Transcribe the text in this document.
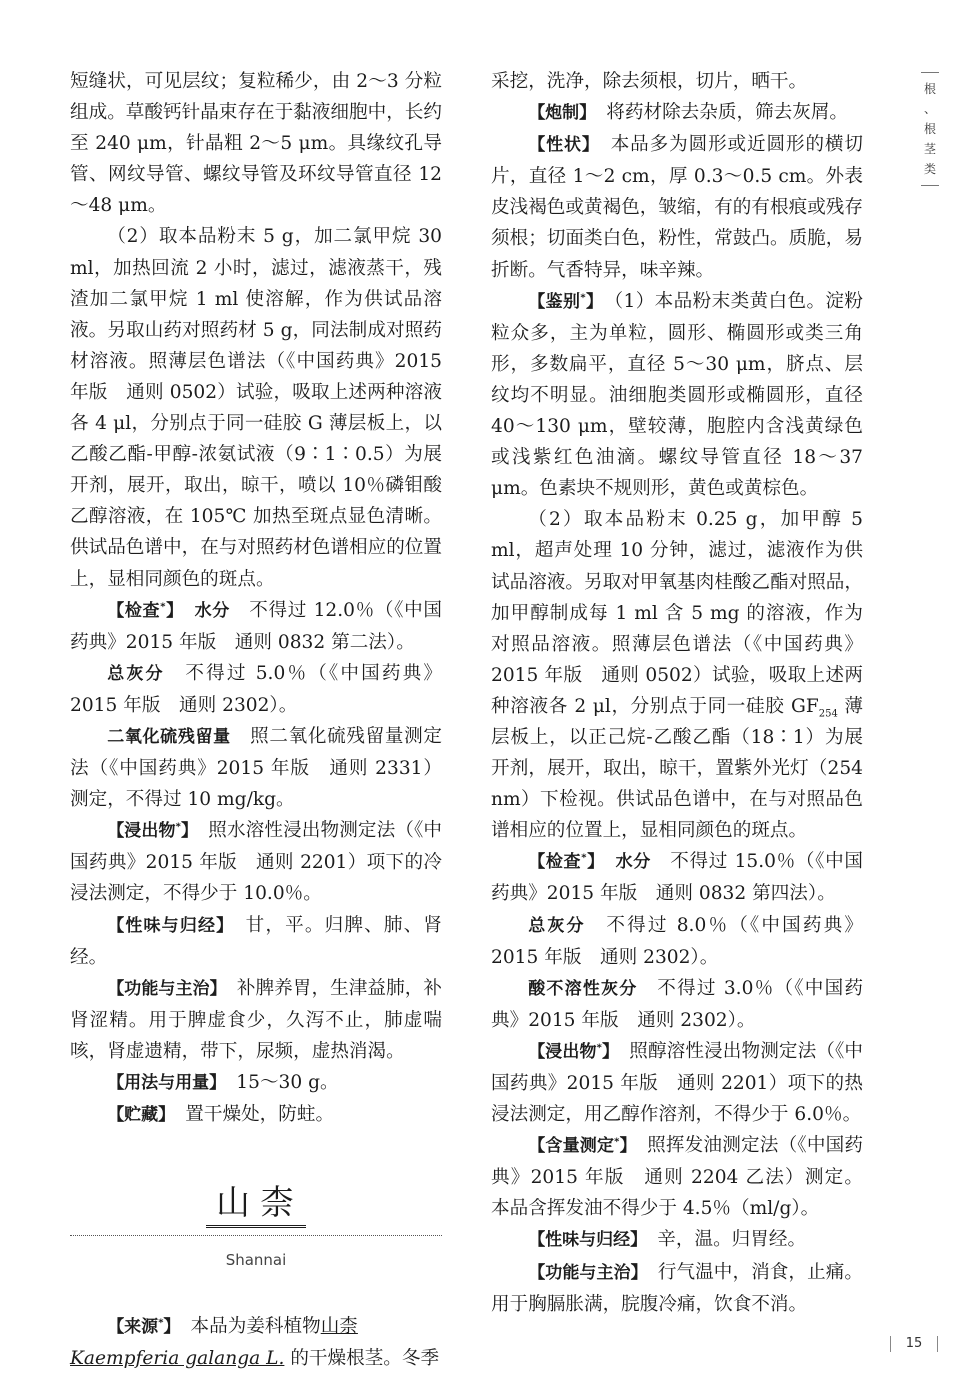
根
、
根
茎
类

短缝状，可见层纹；复粒稀少，由 2～3 分粒组成。草酸钙针晶束存在于黏液细胞中，长约至 240 μm，针晶粗 2～5 μm。具缘纹孔导管、网纹导管、螺纹导管及环纹导管直径 12～48 μm。

（2）取本品粉末 5 g，加二氯甲烷 30 ml，加热回流 2 小时，滤过，滤液蒸干，残渣加二氯甲烷 1 ml 使溶解，作为供试品溶液。另取山药对照药材 5 g，同法制成对照药材溶液。照薄层色谱法（《中国药典》2015 年版　通则 0502）试验，吸取上述两种溶液各 4 μl，分别点于同一硅胶 G 薄层板上，以乙酸乙酯-甲醇-浓氨试液（9∶1∶0.5）为展开剂，展开，取出，晾干，喷以 10％磷钼酸乙醇溶液，在 105℃ 加热至斑点显色清晰。供试品色谱中，在与对照药材色谱相应的位置上，显相同颜色的斑点。

【检查*】　 水分　 不得过 12.0％（《中国药典》2015 年版　通则 0832 第二法）。

总灰分　 不得过 5.0％（《中国药典》2015 年版　通则 2302）。

二氧化硫残留量　 照二氧化硫残留量测定法（《中国药典》2015 年版　通则 2331）测定，不得过 10 mg/kg。

【浸出物*】　 照水溶性浸出物测定法（《中国药典》2015 年版　通则 2201）项下的冷浸法测定，不得少于 10.0％。

【性味与归经】　 甘，平。归脾、肺、肾经。

【功能与主治】　 补脾养胃，生津益肺，补肾涩精。用于脾虚食少，久泻不止，肺虚喘咳，肾虚遗精，带下，尿频，虚热消渴。

【用法与用量】　 15～30 g。

【贮藏】　 置干燥处，防蛀。

山柰
Shannai

【来源*】　 本品为姜科植物山柰
Kaempferia galanga L. 的干燥根茎。冬季

采挖，洗净，除去须根，切片，晒干。

【炮制】　 将药材除去杂质，筛去灰屑。

【性状】　 本品多为圆形或近圆形的横切片，直径 1～2 cm，厚 0.3～0.5 cm。外表皮浅褐色或黄褐色，皱缩，有的有根痕或残存须根；切面类白色，粉性，常鼓凸。质脆，易折断。气香特异，味辛辣。

【鉴别*】　 （1）本品粉末类黄白色。淀粉粒众多，主为单粒，圆形、椭圆形或类三角形，多数扁平，直径 5～30 μm，脐点、层纹均不明显。油细胞类圆形或椭圆形，直径 40～130 μm，壁较薄，胞腔内含浅黄绿色或浅紫红色油滴。螺纹导管直径 18～37 μm。色素块不规则形，黄色或黄棕色。

（2）取本品粉末 0.25 g，加甲醇 5 ml，超声处理 10 分钟，滤过，滤液作为供试品溶液。另取对甲氧基肉桂酸乙酯对照品，加甲醇制成每 1 ml 含 5 mg 的溶液，作为对照品溶液。照薄层色谱法（《中国药典》2015 年版　通则 0502）试验，吸取上述两种溶液各 2 μl，分别点于同一硅胶 $GF_{254}$ 薄层板上，以正己烷-乙酸乙酯（18∶1）为展开剂，展开，取出，晾干，置紫外光灯（254 nm）下检视。供试品色谱中，在与对照品色谱相应的位置上，显相同颜色的斑点。

【检查*】　 水分　 不得过 15.0％（《中国药典》2015 年版　通则 0832 第四法）。

总灰分　 不得过 8.0％（《中国药典》2015 年版　通则 2302）。

酸不溶性灰分　 不得过 3.0％（《中国药典》2015 年版　通则 2302）。

【浸出物*】　 照醇溶性浸出物测定法（《中国药典》2015 年版　通则 2201）项下的热浸法测定，用乙醇作溶剂，不得少于 6.0％。

【含量测定*】　 照挥发油测定法（《中国药典》2015 年版　通则 2204 乙法）测定。本品含挥发油不得少于 4.5％（ml/g）。

【性味与归经】　 辛，温。归胃经。

【功能与主治】　 行气温中，消食，止痛。用于胸膈胀满，脘腹冷痛，饮食不消。

15
